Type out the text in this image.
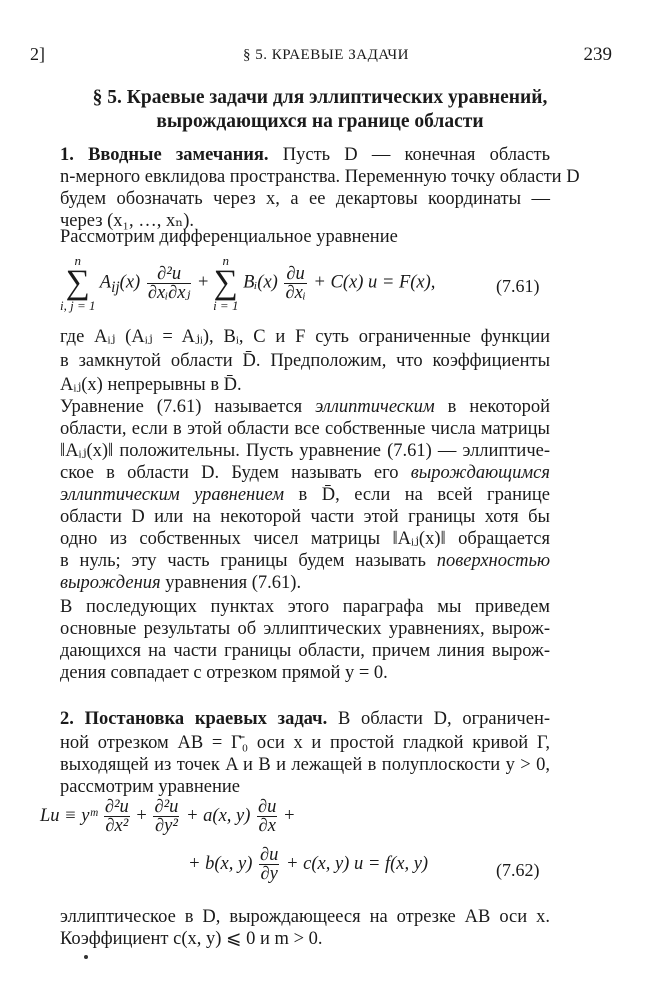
2]	§ 5. КРАЕВЫЕ ЗАДАЧИ	239
§ 5. Краевые задачи для эллиптических уравнений,
вырождающихся на границе области
1. Вводные замечания. Пусть D — конечная область
n-мерного евклидова пространства. Переменную точку области D
будем обозначать через x, а ее декартовы координаты —
через (x₁, …, xₙ).
Рассмотрим дифференциальное уравнение
n
∑
i, j = 1
$A_{ij}(x) \frac{\text{∂²u}}{\text{∂xᵢ∂xⱼ}}$ +
n
∑
i = 1
Bᵢ(x) $\frac{\partial u}{\text{∂xᵢ}} + C(x) u = F(x)$,	(7.61)
где Aᵢⱼ (Aᵢⱼ = Aⱼᵢ), Bᵢ, C и F суть ограниченные функции
в замкнутой области D̄. Предположим, что коэффициенты
Aᵢⱼ(x) непрерывны в D̄.
Уравнение (7.61) называется эллиптическим в некоторой
области, если в этой области все собственные числа матрицы
‖Aᵢⱼ(x)‖ положительны. Пусть уравнение (7.61) — эллиптиче-
ское в области D. Будем называть его вырождающимся
эллиптическим уравнением в D̄, если на всей границе
области D или на некоторой части этой границы хотя бы
одно из собственных чисел матрицы ‖Aᵢⱼ(x)‖ обращается
в нуль; эту часть границы будем называть поверхностью
вырождения уравнения (7.61).
В последующих пунктах этого параграфа мы приведем
основные результаты об эллиптических уравнениях, вырож-
дающихся на части границы области, причем линия вырож-
дения совпадает с отрезком прямой y = 0.
2. Постановка краевых задач. В области D, ограничен-
ной отрезком AB = Γ̄₀ оси x и простой гладкой кривой Γ,
выходящей из точек A и B и лежащей в полуплоскости y > 0,
рассмотрим уравнение
Lu ≡ yᵐ $\frac{\text{∂²u}}{\text{∂x²}} + \frac{\text{∂²u}}{\text{∂y²}} + a(x$, $y) \frac{\partial u}{\partial x}$ +
+ b(x, $y) \frac{\partial u}{\partial y} + c(x$, y) u = f(x, y)	(7.62)
эллиптическое в D, вырождающееся на отрезке AB оси x.
Коэффициент c(x, y) ⩽ 0 и m > 0.
